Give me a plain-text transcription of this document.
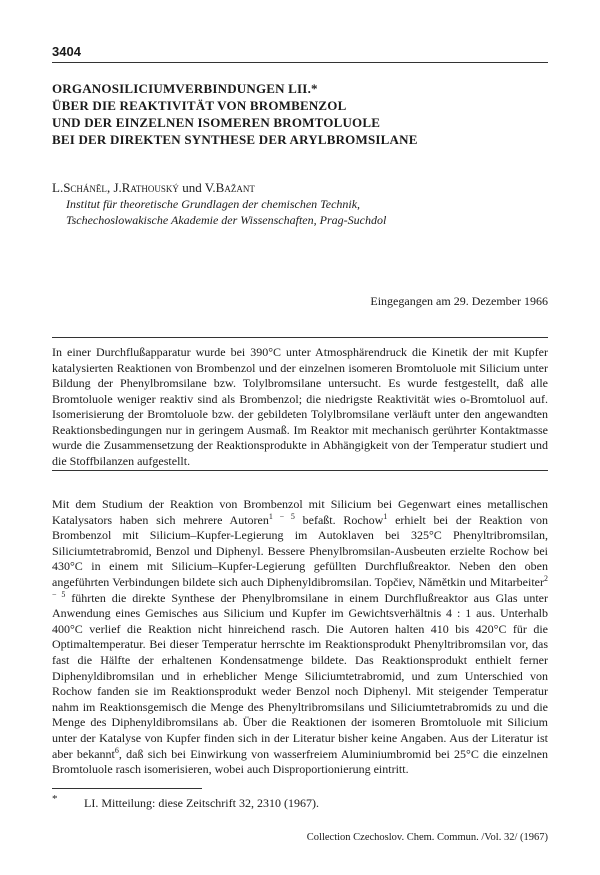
3404
ORGANOSILICIUMVERBINDUNGEN LII.*
ÜBER DIE REAKTIVITÄT VON BROMBENZOL
UND DER EINZELNEN ISOMEREN BROMTOLUOLE
BEI DER DIREKTEN SYNTHESE DER ARYLBROMSILANE
L.Schánĕl, J.Rathouský und V.Bažant
Institut für theoretische Grundlagen der chemischen Technik,
Tschechoslowakische Akademie der Wissenschaften, Prag-Suchdol
Eingegangen am 29. Dezember 1966
In einer Durchflußapparatur wurde bei 390°C unter Atmosphärendruck die Kinetik der mit Kupfer katalysierten Reaktionen von Brombenzol und der einzelnen isomeren Bromtoluole mit Silicium unter Bildung der Phenylbromsilane bzw. Tolylbromsilane untersucht. Es wurde festgestellt, daß alle Bromtoluole weniger reaktiv sind als Brombenzol; die niedrigste Reaktivität wies o-Bromtoluol auf. Isomerisierung der Bromtoluole bzw. der gebildeten Tolylbromsilane verläuft unter den angewandten Reaktionsbedingungen nur in geringem Ausmaß. Im Reaktor mit mechanisch gerührter Kontaktmasse wurde die Zusammensetzung der Reaktionsprodukte in Abhängigkeit von der Temperatur studiert und die Stoffbilanzen aufgestellt.
Mit dem Studium der Reaktion von Brombenzol mit Silicium bei Gegenwart eines metallischen Katalysators haben sich mehrere Autoren$^{1 - 5}$ befaßt. Rochow$^1$ erhielt bei der Reaktion von Brombenzol mit Silicium–Kupfer-Legierung im Autoklaven bei 325°C Phenyltribromsilan, Siliciumtetrabromid, Benzol und Diphenyl. Bessere Phenylbromsilan-Ausbeuten erzielte Rochow bei 430°C in einem mit Silicium–Kupfer-Legierung gefüllten Durchflußreaktor. Neben den oben angeführten Verbindungen bildete sich auch Diphenyldibromsilan. Topčiev, Nămětkin und Mitarbeiter$^{2 - 5}$ führten die direkte Synthese der Phenylbromsilane in einem Durchflußreaktor aus Glas unter Anwendung eines Gemisches aus Silicium und Kupfer im Gewichtsverhältnis 4 : 1 aus. Unterhalb 400°C verlief die Reaktion nicht hinreichend rasch. Die Autoren halten 410 bis 420°C für die Optimaltemperatur. Bei dieser Temperatur herrschte im Reaktionsprodukt Phenyltribromsilan vor, das fast die Hälfte der erhaltenen Kondensatmenge bildete. Das Reaktionsprodukt enthielt ferner Diphenyldibromsilan und in erheblicher Menge Siliciumtetrabromid, und zum Unterschied von Rochow fanden sie im Reaktionsprodukt weder Benzol noch Diphenyl. Mit steigender Temperatur nahm im Reaktionsgemisch die Menge des Phenyltribromsilans und Siliciumtetrabromids zu und die Menge des Diphenyldibromsilans ab. Über die Reaktionen der isomeren Bromtoluole mit Silicium unter der Katalyse von Kupfer finden sich in der Literatur bisher keine Angaben. Aus der Literatur ist aber bekannt$^6$, daß sich bei Einwirkung von wasserfreiem Aluminiumbromid bei 25°C die einzelnen Bromtoluole rasch isomerisieren, wobei auch Disproportionierung eintritt.
* LI. Mitteilung: diese Zeitschrift 32, 2310 (1967).
Collection Czechoslov. Chem. Commun. /Vol. 32/ (1967)
